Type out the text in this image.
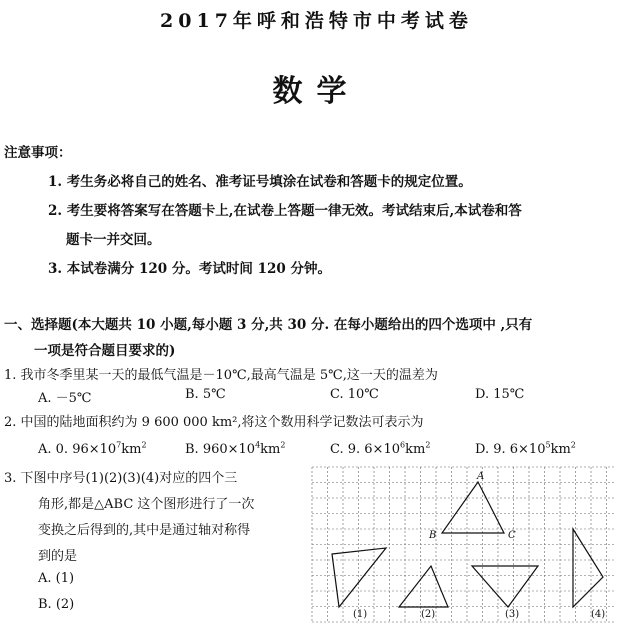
2017年呼和浩特市中考试卷
数学
注意事项：
1. 考生务必将自己的姓名、准考证号填涂在试卷和答题卡的规定位置。
2. 考生要将答案写在答题卡上,在试卷上答题一律无效。考试结束后,本试卷和答
题卡一并交回。
3. 本试卷满分 120 分。考试时间 120 分钟。
一、选择题(本大题共 10 小题,每小题 3 分,共 30 分. 在每小题给出的四个选项中 ,只有
一项是符合题目要求的)
1. 我市冬季里某一天的最低气温是－10℃,最高气温是 5℃,这一天的温差为
A. －5℃	B. 5℃	C. 10℃	D. 15℃
2. 中国的陆地面积约为 9 600 000 km²,将这个数用科学记数法可表示为
A. 0. $96\times 10^7km^2$	B. $960\times 10^4km^2$	C. 9. $6\times 10^6km^2$	D. 9. $6\times 10^5km^2$
3. 下图中序号(1)(2)(3)(4)对应的四个三
角形,都是△ABC 这个图形进行了一次
变换之后得到的,其中是通过轴对称得
到的是
A. (1)
B. (2)
A
B	C
(1)	(2)	(3)	(4)
